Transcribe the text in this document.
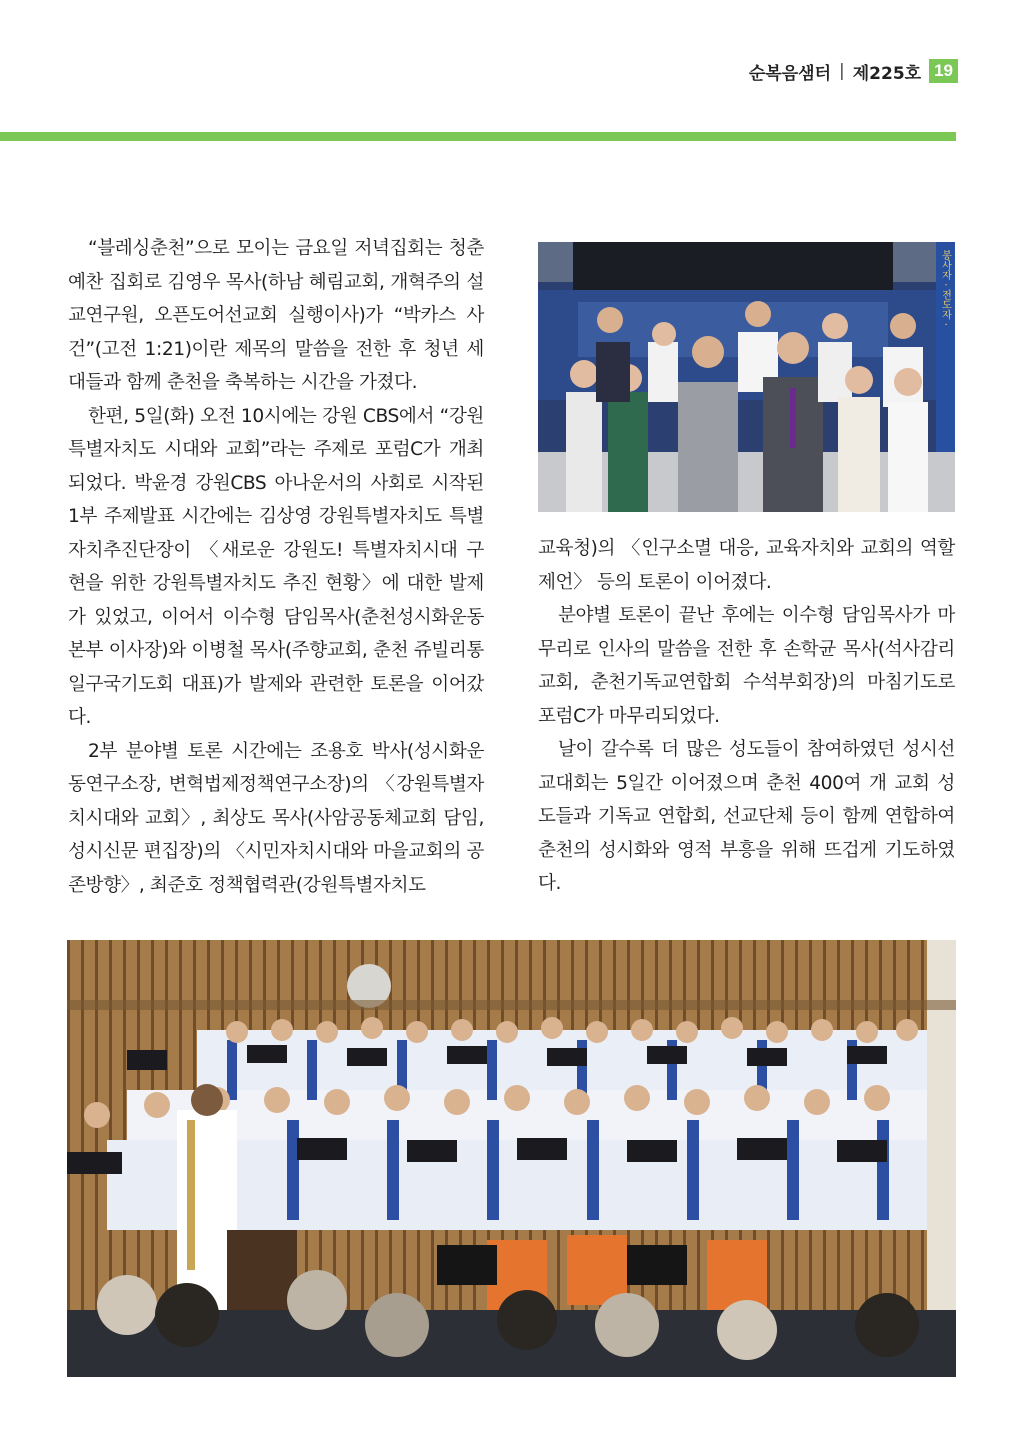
순복음샘터 | 제225호 19

“블레싱춘천”으로 모이는 금요일 저녁집회는 청춘예찬 집회로 김영우 목사(하남 혜림교회, 개혁주의 설교연구원, 오픈도어선교회 실행이사)가 “박카스 사건”(고전 1:21)이란 제목의 말씀을 전한 후 청년 세대들과 함께 춘천을 축복하는 시간을 가졌다.

한편, 5일(화) 오전 10시에는 강원 CBS에서 “강원특별자치도 시대와 교회”라는 주제로 포럼C가 개최되었다. 박윤경 강원CBS 아나운서의 사회로 시작된 1부 주제발표 시간에는 김상영 강원특별자치도 특별자치추진단장이 〈새로운 강원도! 특별자치시대 구현을 위한 강원특별자치도 추진 현황〉에 대한 발제가 있었고, 이어서 이수형 담임목사(춘천성시화운동본부 이사장)와 이병철 목사(주향교회, 춘천 쥬빌리통일구국기도회 대표)가 발제와 관련한 토론을 이어갔다.

2부 분야별 토론 시간에는 조용호 박사(성시화운동연구소장, 변혁법제정책연구소장)의 〈강원특별자치시대와 교회〉, 최상도 목사(사암공동체교회 담임, 성시신문 편집장)의 〈시민자치시대와 마을교회의 공존방향〉, 최준호 정책협력관(강원특별자치도

봉사자 · 전도자 ·

교육청)의 〈인구소멸 대응, 교육자치와 교회의 역할 제언〉 등의 토론이 이어졌다.

분야별 토론이 끝난 후에는 이수형 담임목사가 마무리로 인사의 말씀을 전한 후 손학균 목사(석사감리교회, 춘천기독교연합회 수석부회장)의 마침기도로 포럼C가 마무리되었다.

날이 갈수록 더 많은 성도들이 참여하였던 성시선교대회는 5일간 이어졌으며 춘천 400여 개 교회 성도들과 기독교 연합회, 선교단체 등이 함께 연합하여 춘천의 성시화와 영적 부흥을 위해 뜨겁게 기도하였다.
